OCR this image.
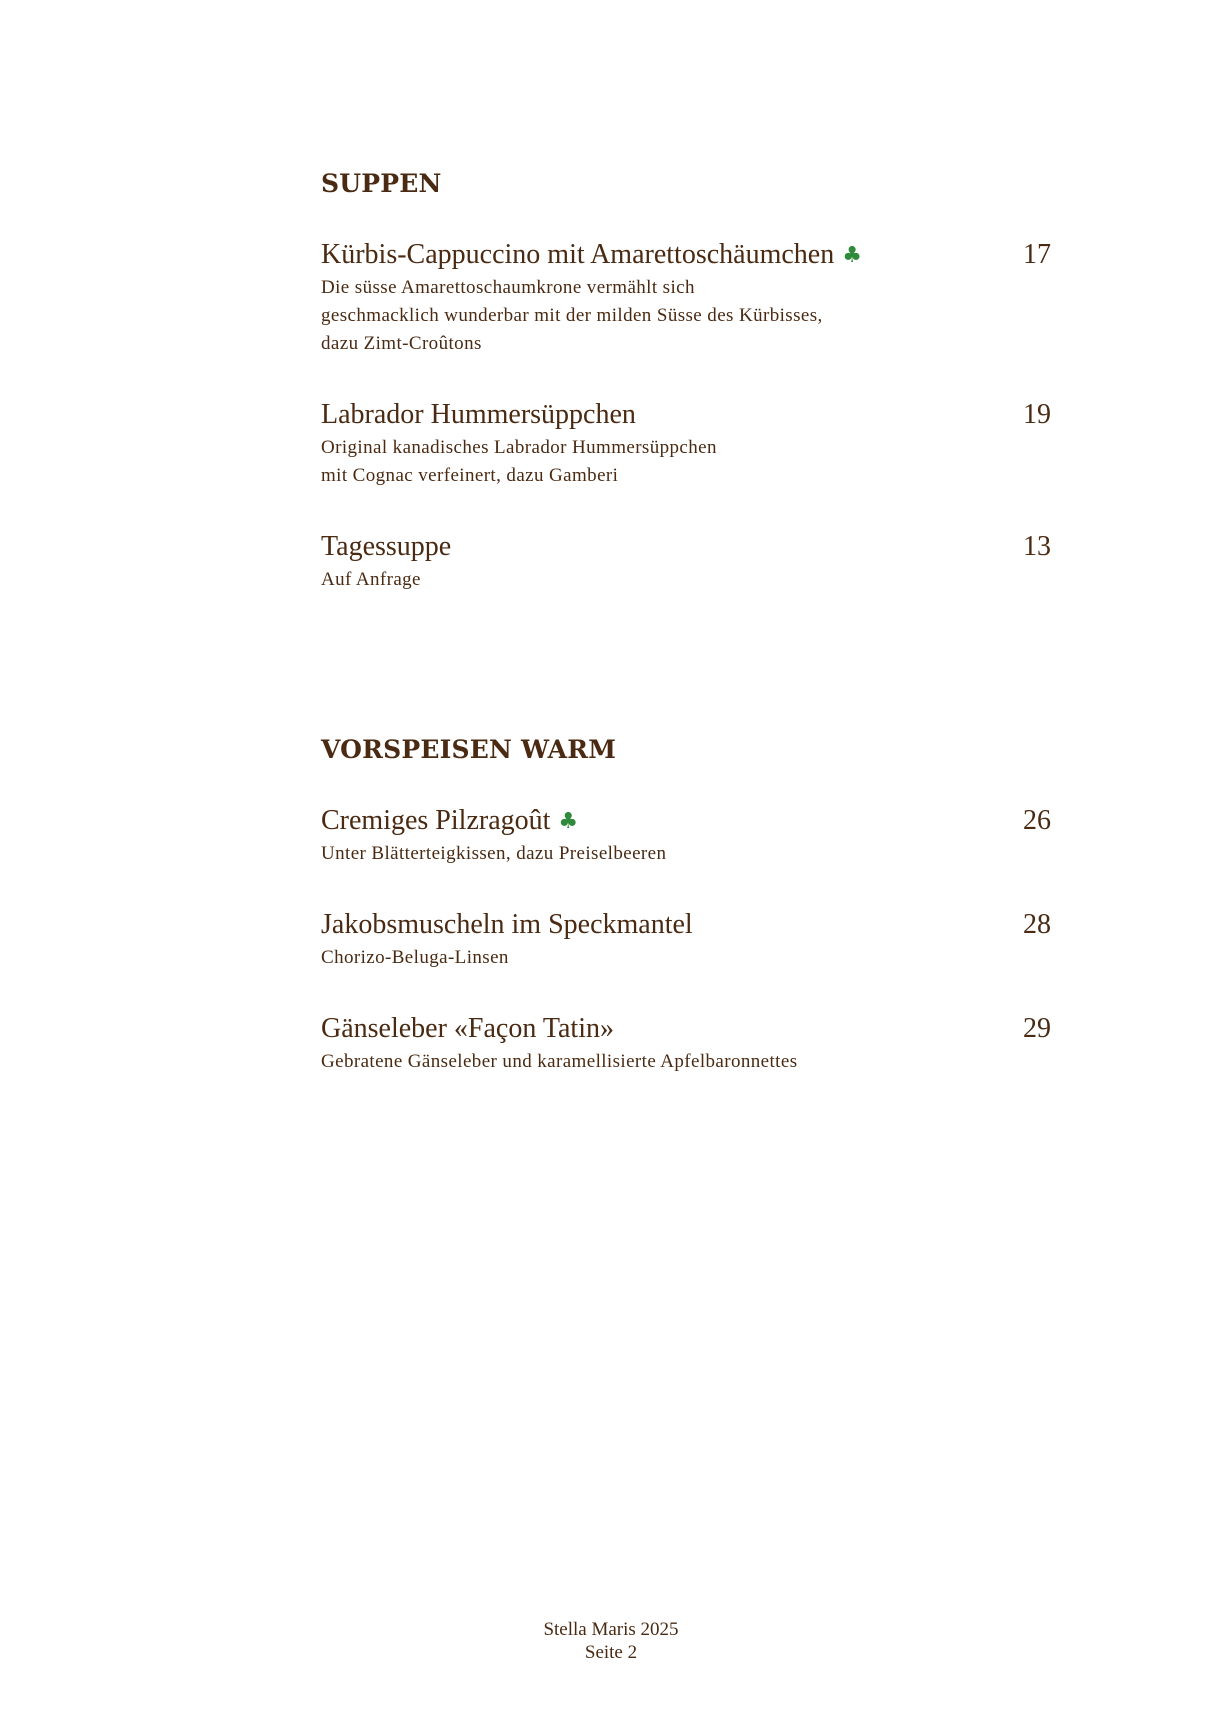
SUPPEN
Kürbis-Cappuccino mit Amarettoschäumchen ♣	17
Die süsse Amarettoschaumkrone vermählt sich
geschmacklich wunderbar mit der milden Süsse des Kürbisses,
dazu Zimt-Croûtons
Labrador Hummersüppchen	19
Original kanadisches Labrador Hummersüppchen
mit Cognac verfeinert, dazu Gamberi
Tagessuppe	13
Auf Anfrage
VORSPEISEN WARM
Cremiges Pilzragoût ♣	26
Unter Blätterteigkissen, dazu Preiselbeeren
Jakobsmuscheln im Speckmantel	28
Chorizo-Beluga-Linsen
Gänseleber «Façon Tatin»	29
Gebratene Gänseleber und karamellisierte Apfelbaronnettes
Stella Maris 2025
Seite 2
